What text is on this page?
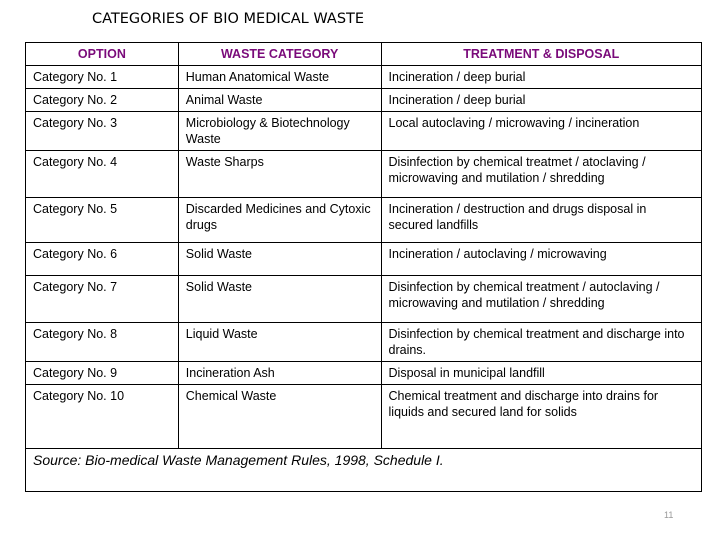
CATEGORIES OF BIO MEDICAL WASTE
OPTION	WASTE CATEGORY	TREATMENT & DISPOSAL
Category No. 1	Human Anatomical Waste	Incineration / deep burial
Category No. 2	Animal Waste	Incineration / deep burial
Category No. 3	Microbiology & Biotechnology Waste	Local autoclaving / microwaving / incineration
Category No. 4	Waste Sharps	Disinfection by chemical treatmet / atoclaving / microwaving and mutilation / shredding
Category No. 5	Discarded Medicines and Cytoxic drugs	Incineration / destruction and drugs disposal in secured landfills
Category No. 6	Solid Waste	Incineration / autoclaving / microwaving
Category No. 7	Solid Waste	Disinfection by chemical treatment / autoclaving / microwaving and mutilation / shredding
Category No. 8	Liquid Waste	Disinfection by chemical treatment and discharge into drains.
Category No. 9	Incineration Ash	Disposal in municipal landfill
Category No. 10	Chemical Waste	Chemical treatment and discharge into drains for liquids and secured land for solids
Source: Bio-medical Waste Management Rules, 1998, Schedule I.		
11
